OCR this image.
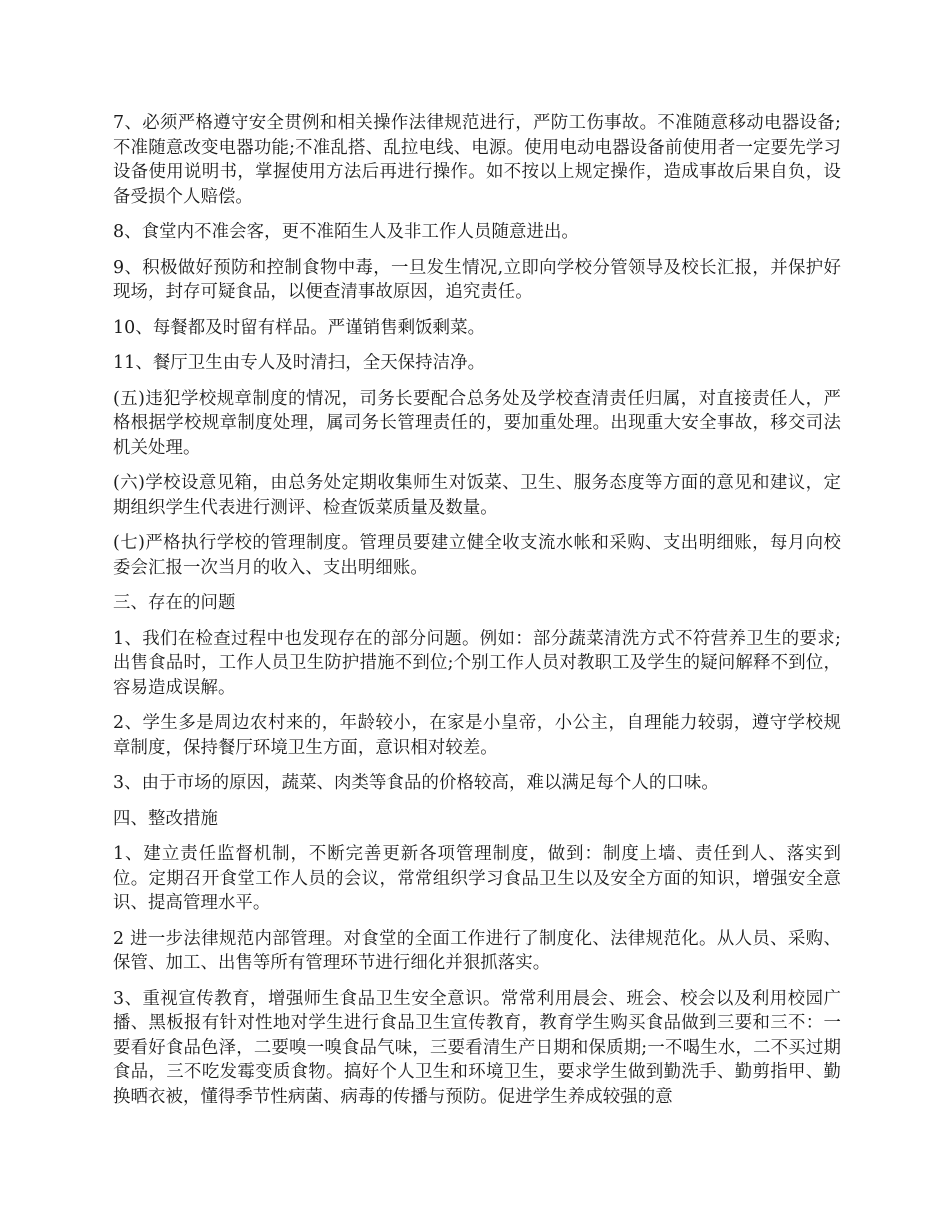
7、必须严格遵守安全贯例和相关操作法律规范进行，严防工伤事故。不准随意移动电器设备;不准随意改变电器功能;不准乱搭、乱拉电线、电源。使用电动电器设备前使用者一定要先学习设备使用说明书，掌握使用方法后再进行操作。如不按以上规定操作，造成事故后果自负，设备受损个人赔偿。

8、食堂内不准会客，更不准陌生人及非工作人员随意进出。

9、积极做好预防和控制食物中毒，一旦发生情况,立即向学校分管领导及校长汇报，并保护好现场，封存可疑食品，以便查清事故原因，追究责任。

10、每餐都及时留有样品。严谨销售剩饭剩菜。

11、餐厅卫生由专人及时清扫，全天保持洁净。

(五)违犯学校规章制度的情况，司务长要配合总务处及学校查清责任归属，对直接责任人，严格根据学校规章制度处理，属司务长管理责任的，要加重处理。出现重大安全事故，移交司法机关处理。

(六)学校设意见箱，由总务处定期收集师生对饭菜、卫生、服务态度等方面的意见和建议，定期组织学生代表进行测评、检查饭菜质量及数量。

(七)严格执行学校的管理制度。管理员要建立健全收支流水帐和采购、支出明细账，每月向校委会汇报一次当月的收入、支出明细账。

三、存在的问题

1、我们在检查过程中也发现存在的部分问题。例如：部分蔬菜清洗方式不符营养卫生的要求;出售食品时，工作人员卫生防护措施不到位;个别工作人员对教职工及学生的疑问解释不到位，容易造成误解。

2、学生多是周边农村来的，年龄较小，在家是小皇帝，小公主，自理能力较弱，遵守学校规章制度，保持餐厅环境卫生方面，意识相对较差。

3、由于市场的原因，蔬菜、肉类等食品的价格较高，难以满足每个人的口味。

四、整改措施

1、建立责任监督机制，不断完善更新各项管理制度，做到：制度上墙、责任到人、落实到位。定期召开食堂工作人员的会议，常常组织学习食品卫生以及安全方面的知识，增强安全意识、提高管理水平。

2 进一步法律规范内部管理。对食堂的全面工作进行了制度化、法律规范化。从人员、采购、保管、加工、出售等所有管理环节进行细化并狠抓落实。

3、重视宣传教育，增强师生食品卫生安全意识。常常利用晨会、班会、校会以及利用校园广播、黑板报有针对性地对学生进行食品卫生宣传教育，教育学生购买食品做到三要和三不：一要看好食品色泽，二要嗅一嗅食品气味，三要看清生产日期和保质期;一不喝生水，二不买过期食品，三不吃发霉变质食物。搞好个人卫生和环境卫生，要求学生做到勤洗手、勤剪指甲、勤换晒衣被，懂得季节性病菌、病毒的传播与预防。促进学生养成较强的意
